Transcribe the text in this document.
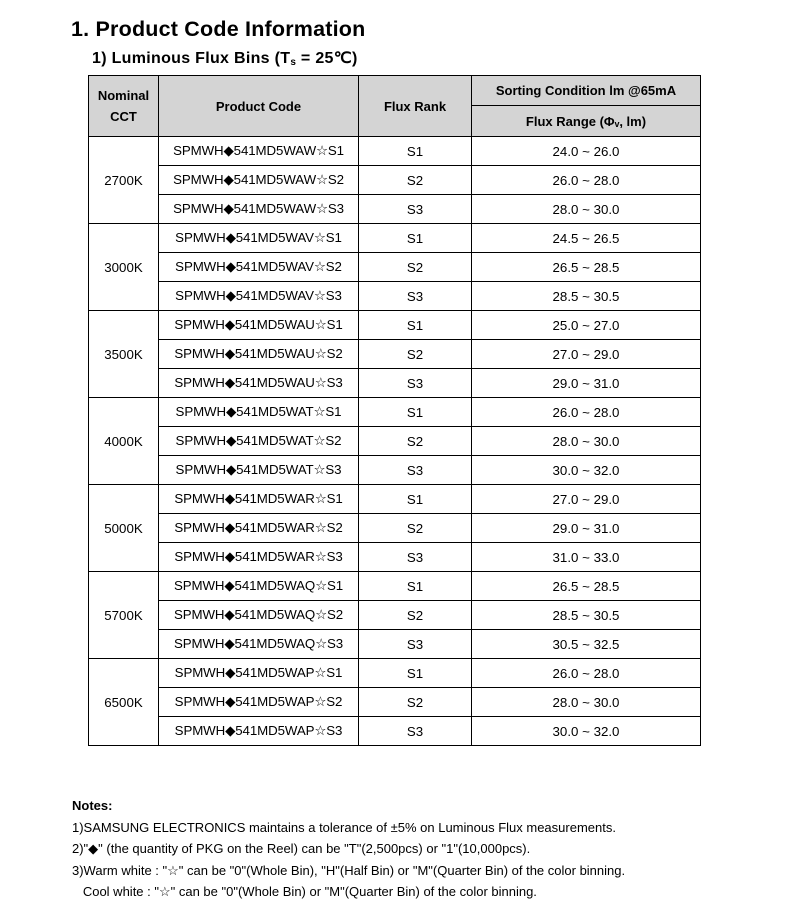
1. Product Code Information
1) Luminous Flux Bins ($T_s$ = 25℃)
Nominal
CCT	Product Code	Flux Rank	Sorting Condition lm @65mA
			Flux Range (Φᵥ, lm)
2700K	SPMWH◆541MD5WAW☆S1	S1	24.0 ~ 26.0
	SPMWH◆541MD5WAW☆S2	S2	26.0 ~ 28.0
	SPMWH◆541MD5WAW☆S3	S3	28.0 ~ 30.0
3000K	SPMWH◆541MD5WAV☆S1	S1	24.5 ~ 26.5
	SPMWH◆541MD5WAV☆S2	S2	26.5 ~ 28.5
	SPMWH◆541MD5WAV☆S3	S3	28.5 ~ 30.5
3500K	SPMWH◆541MD5WAU☆S1	S1	25.0 ~ 27.0
	SPMWH◆541MD5WAU☆S2	S2	27.0 ~ 29.0
	SPMWH◆541MD5WAU☆S3	S3	29.0 ~ 31.0
4000K	SPMWH◆541MD5WAT☆S1	S1	26.0 ~ 28.0
	SPMWH◆541MD5WAT☆S2	S2	28.0 ~ 30.0
	SPMWH◆541MD5WAT☆S3	S3	30.0 ~ 32.0
5000K	SPMWH◆541MD5WAR☆S1	S1	27.0 ~ 29.0
	SPMWH◆541MD5WAR☆S2	S2	29.0 ~ 31.0
	SPMWH◆541MD5WAR☆S3	S3	31.0 ~ 33.0
5700K	SPMWH◆541MD5WAQ☆S1	S1	26.5 ~ 28.5
	SPMWH◆541MD5WAQ☆S2	S2	28.5 ~ 30.5
	SPMWH◆541MD5WAQ☆S3	S3	30.5 ~ 32.5
6500K	SPMWH◆541MD5WAP☆S1	S1	26.0 ~ 28.0
	SPMWH◆541MD5WAP☆S2	S2	28.0 ~ 30.0
	SPMWH◆541MD5WAP☆S3	S3	30.0 ~ 32.0

Notes:

1)SAMSUNG ELECTRONICS maintains a tolerance of ±5% on Luminous Flux measurements.

2)"◆" (the quantity of PKG on the Reel) can be "T"(2,500pcs) or "1"(10,000pcs).

3)Warm white : "☆" can be "0"(Whole Bin), "H"(Half Bin) or "M"(Quarter Bin) of the color binning.

Cool white : "☆" can be "0"(Whole Bin) or "M"(Quarter Bin) of the color binning.
